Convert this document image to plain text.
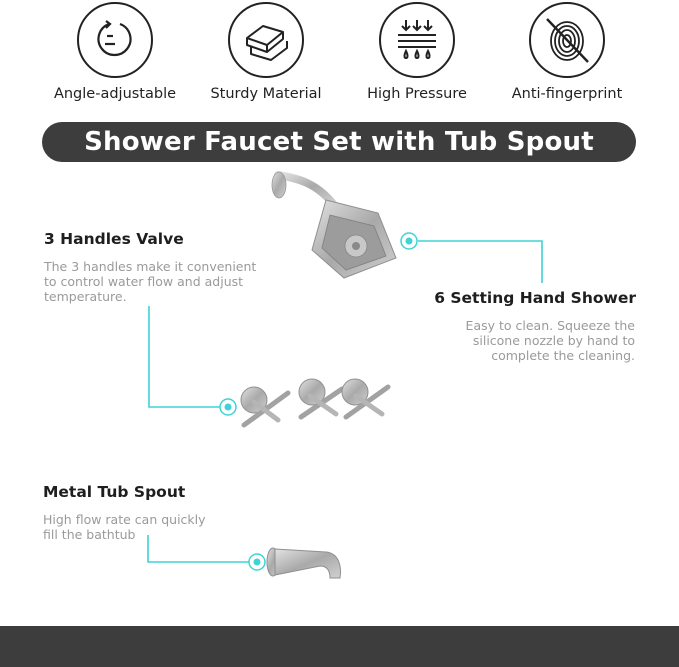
Angle-adjustable	Sturdy Material	High Pressure	Anti-fingerprint
Shower Faucet Set with Tub Spout
3 Handles Valve
The 3 handles make it convenient
to control water flow and adjust
temperature.	6 Setting Hand Shower
Easy to clean. Squeeze the
silicone nozzle by hand to
complete the cleaning.
Metal Tub Spout
High flow rate can quickly
fill the bathtub
